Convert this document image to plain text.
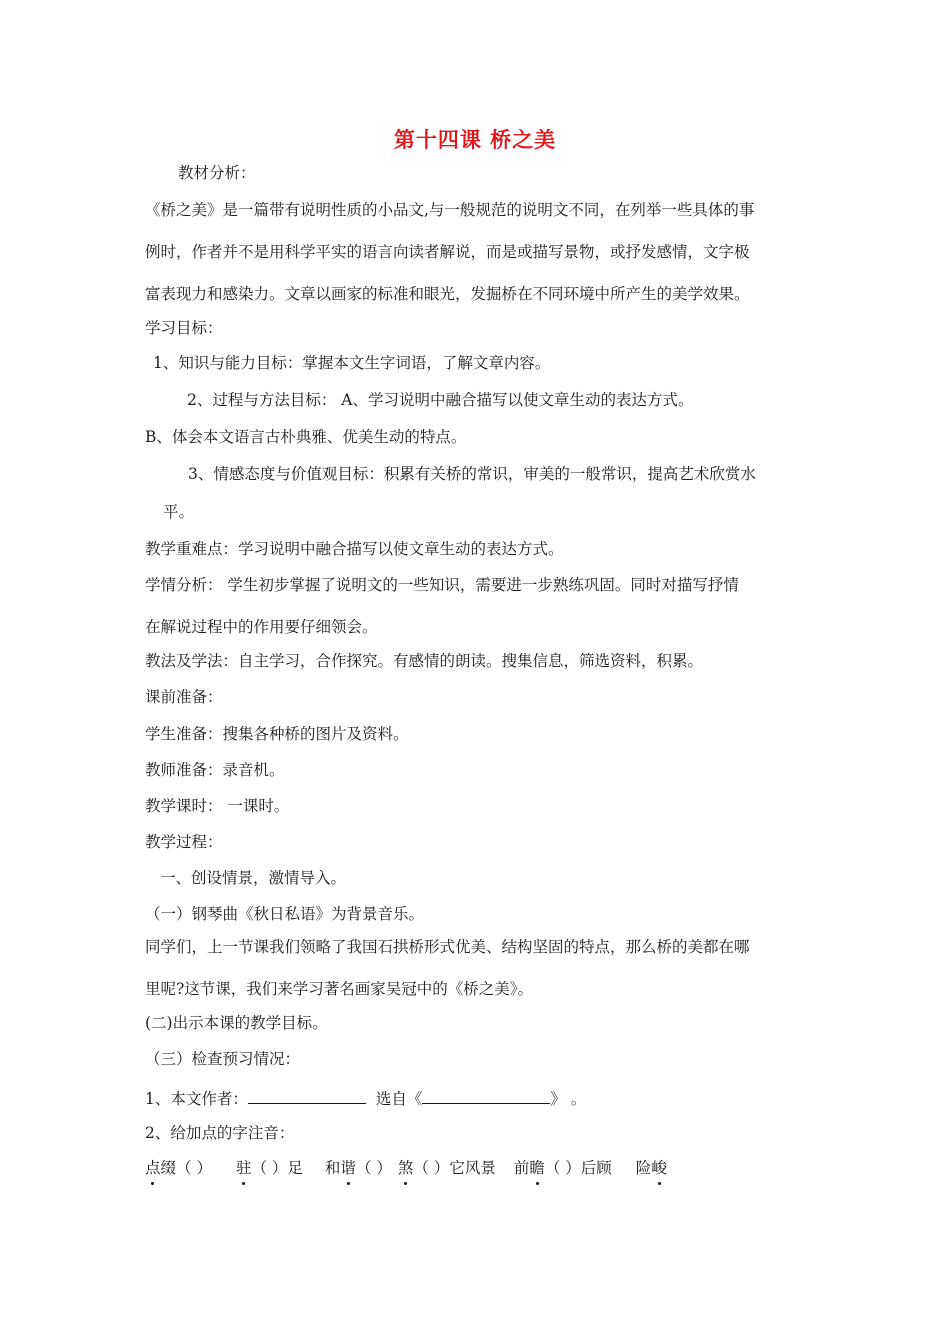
第十四课 桥之美
教材分析：
《桥之美》是一篇带有说明性质的小品文,与一般规范的说明文不同，在列举一些具体的事
例时，作者并不是用科学平实的语言向读者解说，而是或描写景物，或抒发感情，文字极
富表现力和感染力。文章以画家的标准和眼光，发掘桥在不同环境中所产生的美学效果。
学习目标：
1、知识与能力目标：掌握本文生字词语，了解文章内容。
2、过程与方法目标： A、学习说明中融合描写以使文章生动的表达方式。
B、体会本文语言古朴典雅、优美生动的特点。
3、情感态度与价值观目标：积累有关桥的常识，审美的一般常识，提高艺术欣赏水
平。
教学重难点：学习说明中融合描写以使文章生动的表达方式。
学情分析： 学生初步掌握了说明文的一些知识，需要进一步熟练巩固。同时对描写抒情
在解说过程中的作用要仔细领会。
教法及学法：自主学习，合作探究。有感情的朗读。搜集信息，筛选资料，积累。
课前准备：
学生准备：搜集各种桥的图片及资料。
教师准备：录音机。
教学课时： 一课时。
教学过程：
一、创设情景，激情导入。
（一）钢琴曲《秋日私语》为背景音乐。
同学们，上一节课我们领略了我国石拱桥形式优美、结构坚固的特点，那么桥的美都在哪
里呢?这节课，我们来学习著名画家吴冠中的《桥之美》。
(二)出示本课的教学目标。
（三）检查预习情况：
1、本文作者：	选自《	》 。
2、给加点的字注音：
点缀（ ） 驻（ ）足 和谐（ ） 煞（ ）它风景 前瞻（ ）后顾 险峻
